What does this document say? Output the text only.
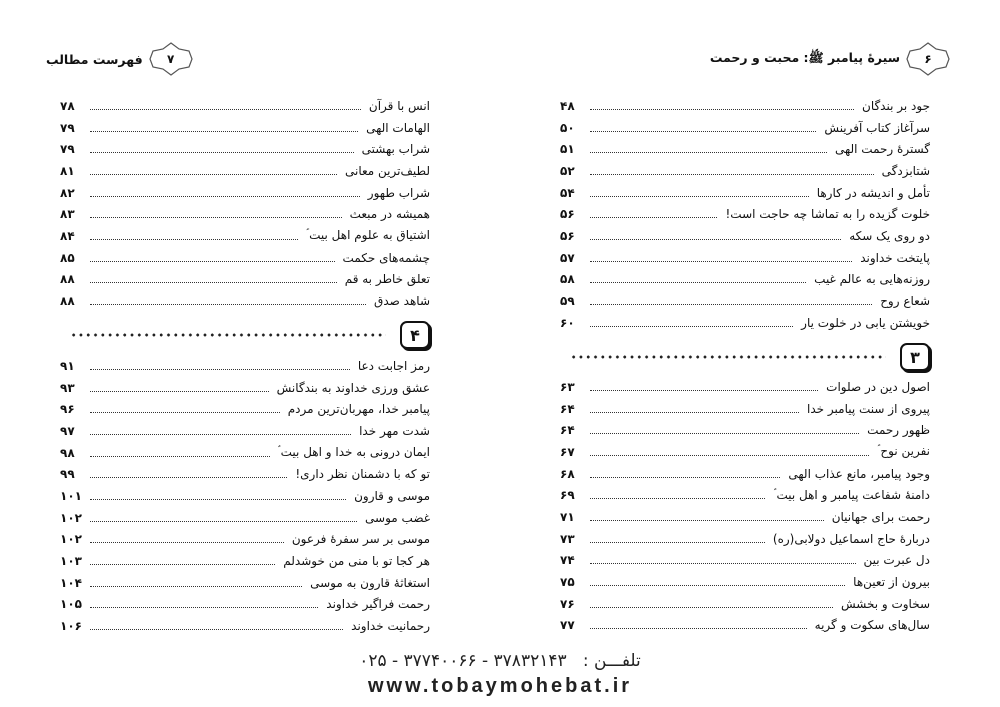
۶
سیرهٔ پیامبر ﷺ: محبت و رحمت
جود بر بندگان
۴۸
سرآغاز کتاب آفرینش
۵۰
گسترهٔ رحمت الهی
۵۱
شتابزدگی
۵۲
تأمل و اندیشه در کارها
۵۴
خلوت گزیده را به تماشا چه حاجت است!
۵۶
دو روی یک سکه
۵۶
پایتخت خداوند
۵۷
روزنه‌هایی به عالم غیب
۵۸
شعاع روح
۵۹
خویشتن یابی در خلوت یار
۶۰
۳
اصول دین در صلوات
۶۳
پیروی از سنت پیامبر خدا
۶۴
ظهور رحمت
۶۴
نفرین نوح ؑ
۶۷
وجود پیامبر، مانع عذاب الهی
۶۸
دامنهٔ شفاعت پیامبر و اهل بیت ؑ
۶۹
رحمت برای جهانیان
۷۱
دربارهٔ حاج اسماعیل دولابی(ره)
۷۳
دل عبرت بین
۷۴
بیرون از تعین‌ها
۷۵
سخاوت و بخشش
۷۶
سال‌های سکوت و گریه
۷۷
۷
فهرست مطالب
انس با قرآن
۷۸
الهامات الهی
۷۹
شراب بهشتی
۷۹
لطیف‌ترین معانی
۸۱
شراب طهور
۸۲
همیشه در مبعث
۸۳
اشتیاق به علوم اهل بیت ؑ
۸۴
چشمه‌های حکمت
۸۵
تعلق خاطر به قم
۸۸
شاهد صدق
۸۸
۴
رمز اجابت دعا
۹۱
عشق ورزی خداوند به بندگانش
۹۳
پیامبر خدا، مهربان‌ترین مردم
۹۶
شدت مهر خدا
۹۷
ایمان درونی به خدا و اهل بیت ؑ
۹۸
تو که با دشمنان نظر داری!
۹۹
موسی و قارون
۱۰۱
غضب موسی
۱۰۲
موسی بر سر سفرهٔ فرعون
۱۰۲
هر کجا تو با منی من خوشدلم
۱۰۳
استغاثهٔ قارون به موسی
۱۰۴
رحمت فراگیر خداوند
۱۰۵
رحمانیت خداوند
۱۰۶
تلفـــن :   ۳۷۸۳۲۱۴۳ - ۳۷۷۴۰۰۶۶ - ۰۲۵
www.tobaymohebat.ir
